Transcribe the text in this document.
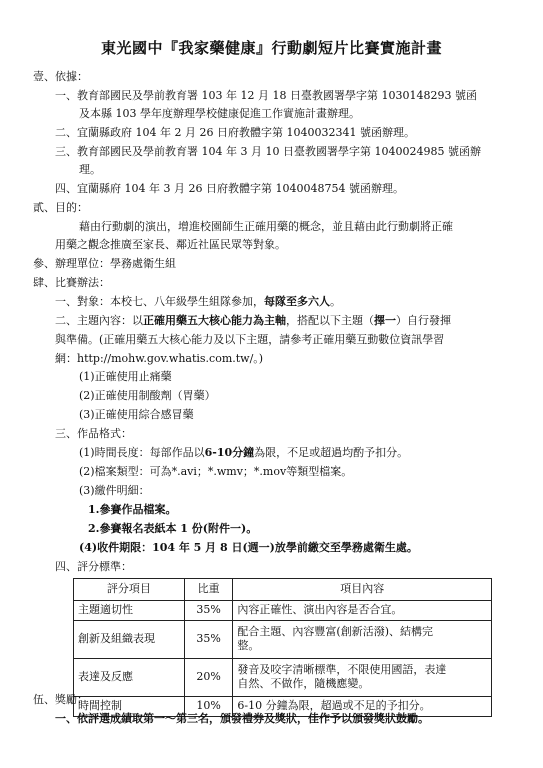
東光國中『我家藥健康』行動劇短片比賽實施計畫
壹、依據：
一、教育部國民及學前教育署 103 年 12 月 18 日臺教國署學字第 1030148293 號函
及本縣 103 學年度辦理學校健康促進工作實施計畫辦理。
二、宜蘭縣政府 104 年 2 月 26 日府教體字第 1040032341 號函辦理。
三、教育部國民及學前教育署 104 年 3 月 10 日臺教國署學字第 1040024985 號函辦
理。
四、宜蘭縣府 104 年 3 月 26 日府教體字第 1040048754 號函辦理。
貳、目的：
藉由行動劇的演出，增進校園師生正確用藥的概念，並且藉由此行動劇將正確
用藥之觀念推廣至家長、鄰近社區民眾等對象。
參、辦理單位：學務處衛生組
肆、比賽辦法：
一、對象：本校七、八年級學生組隊參加，每隊至多六人。
二、主題內容：以正確用藥五大核心能力為主軸，搭配以下主題（擇一）自行發揮
與準備。(正確用藥五大核心能力及以下主題，請參考正確用藥互動數位資訊學習
網：http://mohw.gov.whatis.com.tw/。)
(1)正確使用止痛藥
(2)正確使用制酸劑（胃藥）
(3)正確使用綜合感冒藥
三、作品格式：
(1)時間長度：每部作品以6-10分鐘為限，不足或超過均酌予扣分。
(2)檔案類型：可為*.avi；*.wmv；*.mov等類型檔案。
(3)繳件明細：
1.參賽作品檔案。
2.參賽報名表紙本 1 份(附件一)。
(4)收件期限：104 年 5 月 8 日(週一)放學前繳交至學務處衛生處。
四、評分標準：
評分項目	比重	項目內容
主題適切性	35%	內容正確性、演出內容是否合宜。
創新及組織表現	35%	配合主題、內容豐富(創新活潑)、結構完
整。
表達及反應	20%	發音及咬字清晰標準，不限使用國語，表達
自然、不做作，隨機應變。
時間控制	10%	6-10 分鐘為限，超過或不足的予扣分。
伍、獎勵：
一、依評選成績取第一～第三名，頒發禮券及獎狀，佳作予以頒發獎狀鼓勵。
